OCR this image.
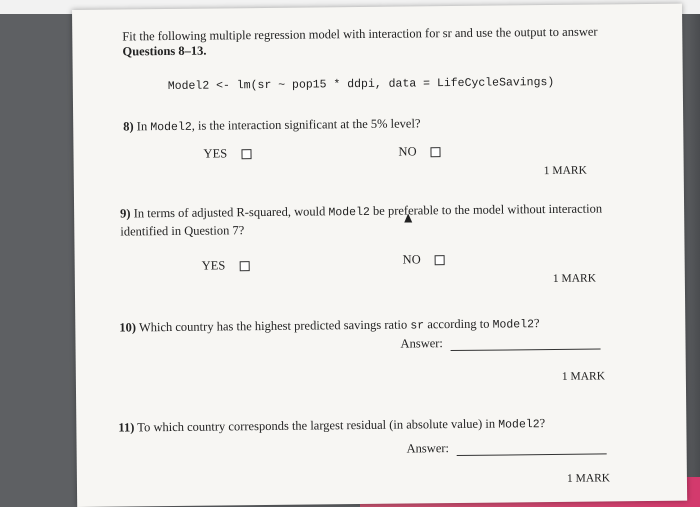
Fit the following multiple regression model with interaction for sr and use the output to answer Questions 8–13.
Model2 <- lm(sr ~ pop15 * ddpi, data = LifeCycleSavings)
8) In Model2, is the interaction significant at the 5% level?
YES	NO
1 MARK
9) In terms of adjusted R-squared, would Model2 be preferable to the model without interaction identified in Question 7?
YES	NO
1 MARK
10) Which country has the highest predicted savings ratio sr according to Model2?
Answer:
1 MARK
11) To which country corresponds the largest residual (in absolute value) in Model2?
Answer:
1 MARK
